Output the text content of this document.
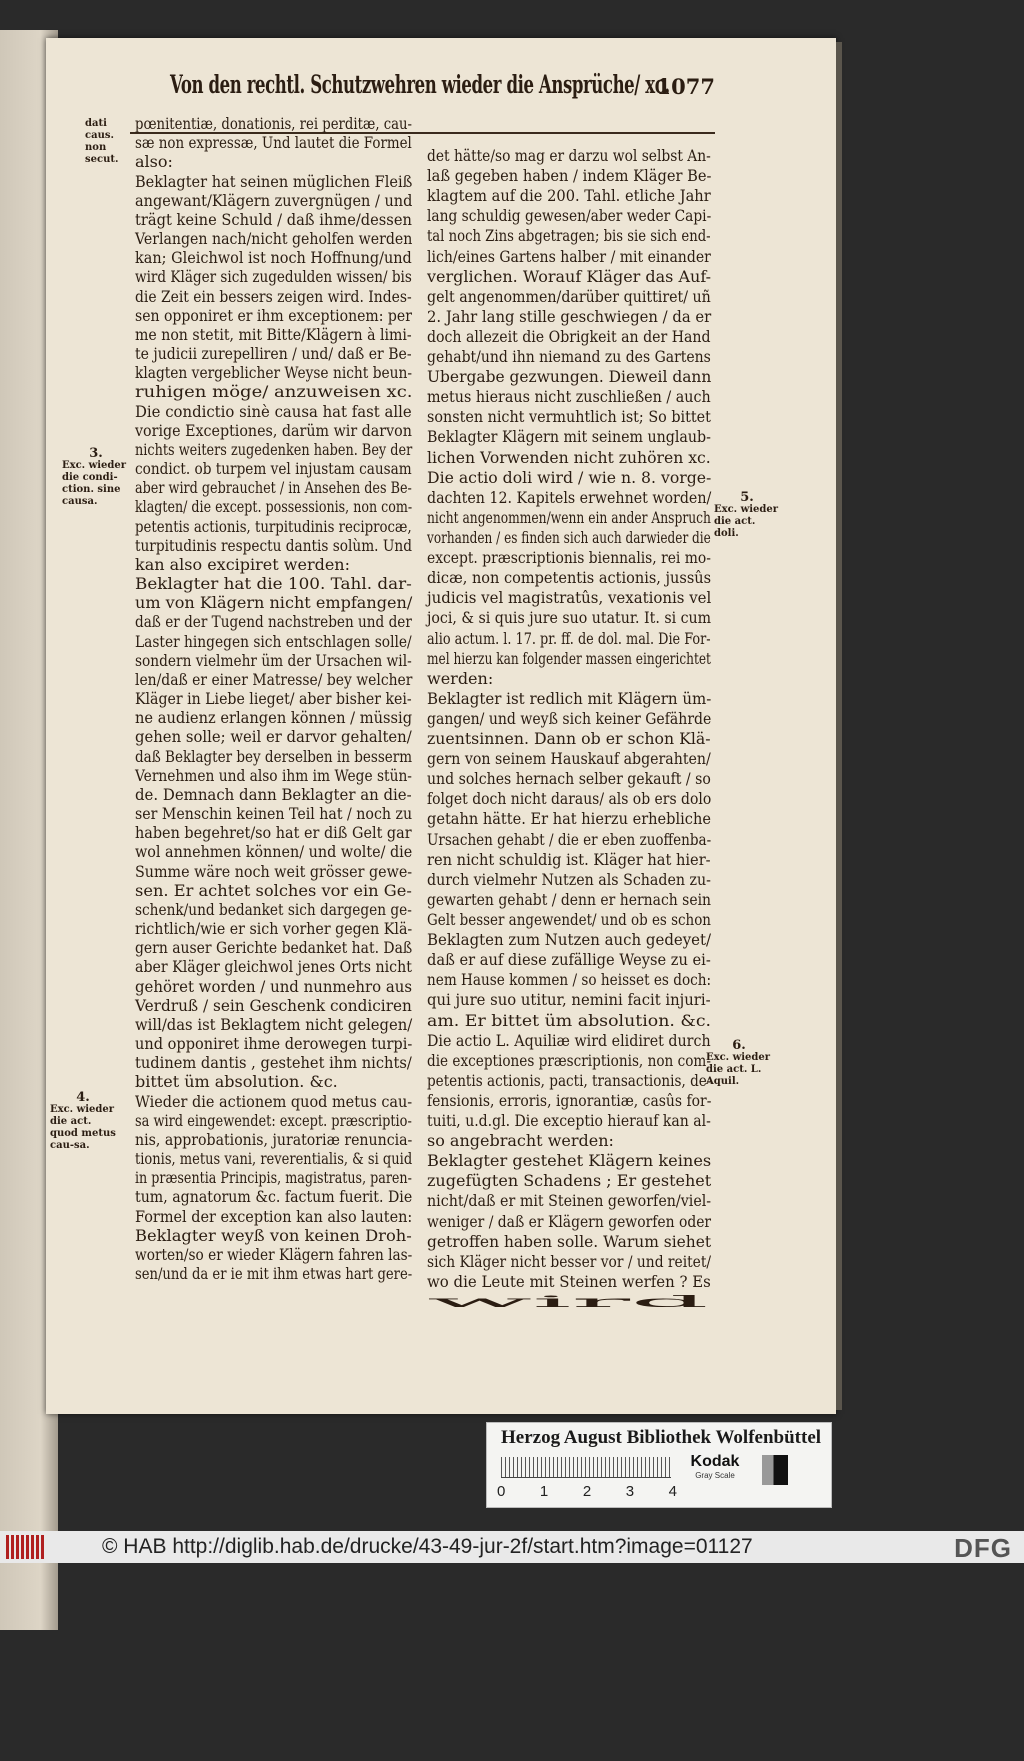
Von den rechtl. Schutzwehren wieder die Ansprüche/ xc.
1077
pœnitentiæ, donationis, rei perditæ, cau-
sæ non expressæ, Und lautet die Formel
also:
Beklagter hat seinen müglichen Fleiß
angewant/Klägern zuvergnügen / und
trägt keine Schuld / daß ihme/dessen
Verlangen nach/nicht geholfen werden
kan; Gleichwol ist noch Hoffnung/und
wird Kläger sich zugedulden wissen/ bis
die Zeit ein bessers zeigen wird. Indes-
sen opponiret er ihm exceptionem: per
me non stetit, mit Bitte/Klägern à limi-
te judicii zurepelliren / und/ daß er Be-
klagten vergeblicher Weyse nicht beun-
ruhigen möge/ anzuweisen xc.
Die condictio sinè causa hat fast alle
vorige Exceptiones, darüm wir darvon
nichts weiters zugedenken haben. Bey der
condict. ob turpem vel injustam causam
aber wird gebrauchet / in Ansehen des Be-
klagten/ die except. possessionis, non com-
petentis actionis, turpitudinis reciprocæ,
turpitudinis respectu dantis solùm. Und
kan also excipiret werden:
Beklagter hat die 100. Tahl. dar-
um von Klägern nicht empfangen/
daß er der Tugend nachstreben und der
Laster hingegen sich entschlagen solle/
sondern vielmehr üm der Ursachen wil-
len/daß er einer Matresse/ bey welcher
Kläger in Liebe lieget/ aber bisher kei-
ne audienz erlangen können / müssig
gehen solle; weil er darvor gehalten/
daß Beklagter bey derselben in besserm
Vernehmen und also ihm im Wege stün-
de. Demnach dann Beklagter an die-
ser Menschin keinen Teil hat / noch zu
haben begehret/so hat er diß Gelt gar
wol annehmen können/ und wolte/ die
Summe wäre noch weit grösser gewe-
sen. Er achtet solches vor ein Ge-
schenk/und bedanket sich dargegen ge-
richtlich/wie er sich vorher gegen Klä-
gern auser Gerichte bedanket hat. Daß
aber Kläger gleichwol jenes Orts nicht
gehöret worden / und nunmehro aus
Verdruß / sein Geschenk condiciren
will/das ist Beklagtem nicht gelegen/
und opponiret ihme derowegen turpi-
tudinem dantis , gestehet ihm nichts/
bittet üm absolution. &c.
Wieder die actionem quod metus cau-
sa wird eingewendet: except. præscriptio-
nis, approbationis, juratoriæ renuncia-
tionis, metus vani, reverentialis, & si quid
in præsentia Principis, magistratus, paren-
tum, agnatorum &c. factum fuerit. Die
Formel der exception kan also lauten:
Beklagter weyß von keinen Droh-
worten/so er wieder Klägern fahren las-
sen/und da er ie mit ihm etwas hart gere-
det hätte/so mag er darzu wol selbst An-
laß gegeben haben / indem Kläger Be-
klagtem auf die 200. Tahl. etliche Jahr
lang schuldig gewesen/aber weder Capi-
tal noch Zins abgetragen; bis sie sich end-
lich/eines Gartens halber / mit einander
verglichen. Worauf Kläger das Auf-
gelt angenommen/darüber quittiret/ uñ
2. Jahr lang stille geschwiegen / da er
doch allezeit die Obrigkeit an der Hand
gehabt/und ihn niemand zu des Gartens
Ubergabe gezwungen. Dieweil dann
metus hieraus nicht zuschließen / auch
sonsten nicht vermuhtlich ist; So bittet
Beklagter Klägern mit seinem unglaub-
lichen Vorwenden nicht zuhören xc.
Die actio doli wird / wie n. 8. vorge-
dachten 12. Kapitels erwehnet worden/
nicht angenommen/wenn ein ander Anspruch
vorhanden / es finden sich auch darwieder die
except. præscriptionis biennalis, rei mo-
dicæ, non competentis actionis, jussûs
judicis vel magistratûs, vexationis vel
joci, & si quis jure suo utatur. It. si cum
alio actum. l. 17. pr. ff. de dol. mal. Die For-
mel hierzu kan folgender massen eingerichtet
werden:
Beklagter ist redlich mit Klägern üm-
gangen/ und weyß sich keiner Gefährde
zuentsinnen. Dann ob er schon Klä-
gern von seinem Hauskauf abgerahten/
und solches hernach selber gekauft / so
folget doch nicht daraus/ als ob ers dolo
getahn hätte. Er hat hierzu erhebliche
Ursachen gehabt / die er eben zuoffenba-
ren nicht schuldig ist. Kläger hat hier-
durch vielmehr Nutzen als Schaden zu-
gewarten gehabt / denn er hernach sein
Gelt besser angewendet/ und ob es schon
Beklagten zum Nutzen auch gedeyet/
daß er auf diese zufällige Weyse zu ei-
nem Hause kommen / so heisset es doch:
qui jure suo utitur, nemini facit injuri-
am. Er bittet üm absolution. &c.
Die actio L. Aquiliæ wird elidiret durch
die exceptiones præscriptionis, non com-
petentis actionis, pacti, transactionis, de-
fensionis, erroris, ignorantiæ, casûs for-
tuiti, u.d.gl. Die exceptio hierauf kan al-
so angebracht werden:
Beklagter gestehet Klägern keines
zugefügten Schadens ; Er gestehet
nicht/daß er mit Steinen geworfen/viel-
weniger / daß er Klägern geworfen oder
getroffen haben solle. Warum siehet
sich Kläger nicht besser vor / und reitet/
wo die Leute mit Steinen werfen ? Es
wird
dati caus. non secut.
3.
Exc. wieder die condi-ction. sine causa.
4.
Exc. wieder die act. quod metus cau-sa.
5.
Exc. wieder die act. doli.
6.
Exc. wieder die act. L. Aquil.
Herzog August Bibliothek Wolfenbüttel
0 1 2 3 4
Kodak
Gray Scale
© HAB http://diglib.hab.de/drucke/43-49-jur-2f/start.htm?image=01127	DFG
